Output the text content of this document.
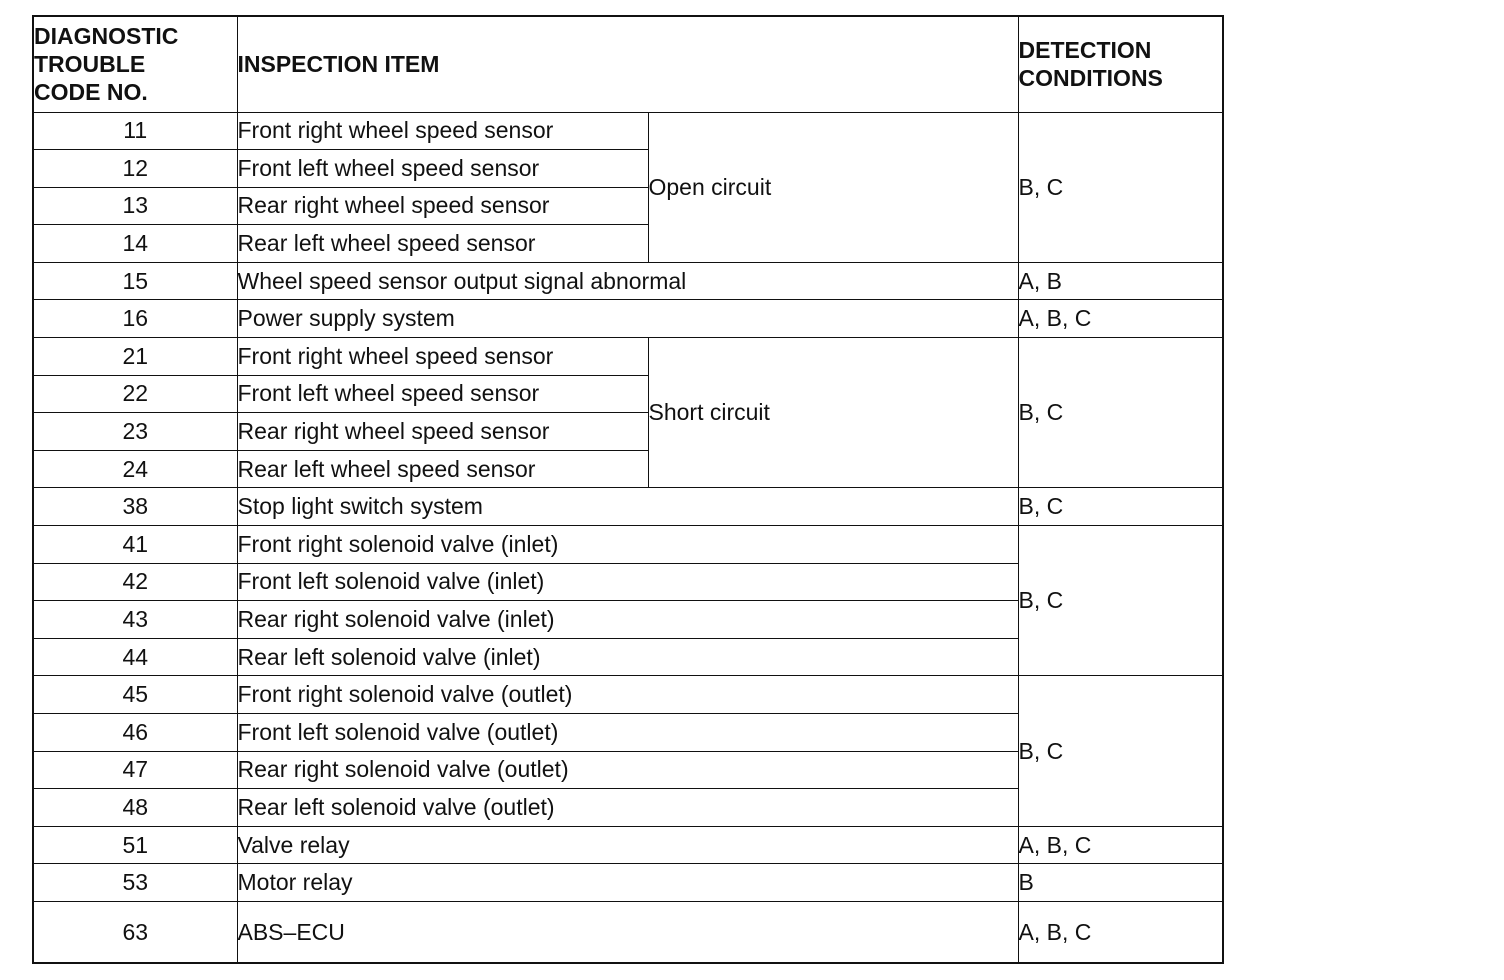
DIAGNOSTIC
TROUBLE
CODE NO.	INSPECTION ITEM		DETECTION
CONDITIONS
11	Front right wheel speed sensor	Open circuit	B, C
12	Front left wheel speed sensor		
13	Rear right wheel speed sensor		
14	Rear left wheel speed sensor		
15	Wheel speed sensor output signal abnormal		A, B
16	Power supply system		A, B, C
21	Front right wheel speed sensor	Short circuit	B, C
22	Front left wheel speed sensor		
23	Rear right wheel speed sensor		
24	Rear left wheel speed sensor		
38	Stop light switch system		B, C
41	Front right solenoid valve (inlet)		B, C
42	Front left solenoid valve (inlet)		
43	Rear right solenoid valve (inlet)		
44	Rear left solenoid valve (inlet)		
45	Front right solenoid valve (outlet)		B, C
46	Front left solenoid valve (outlet)		
47	Rear right solenoid valve (outlet)		
48	Rear left solenoid valve (outlet)		
51	Valve relay		A, B, C
53	Motor relay		B
63	ABS–ECU		A, B, C
